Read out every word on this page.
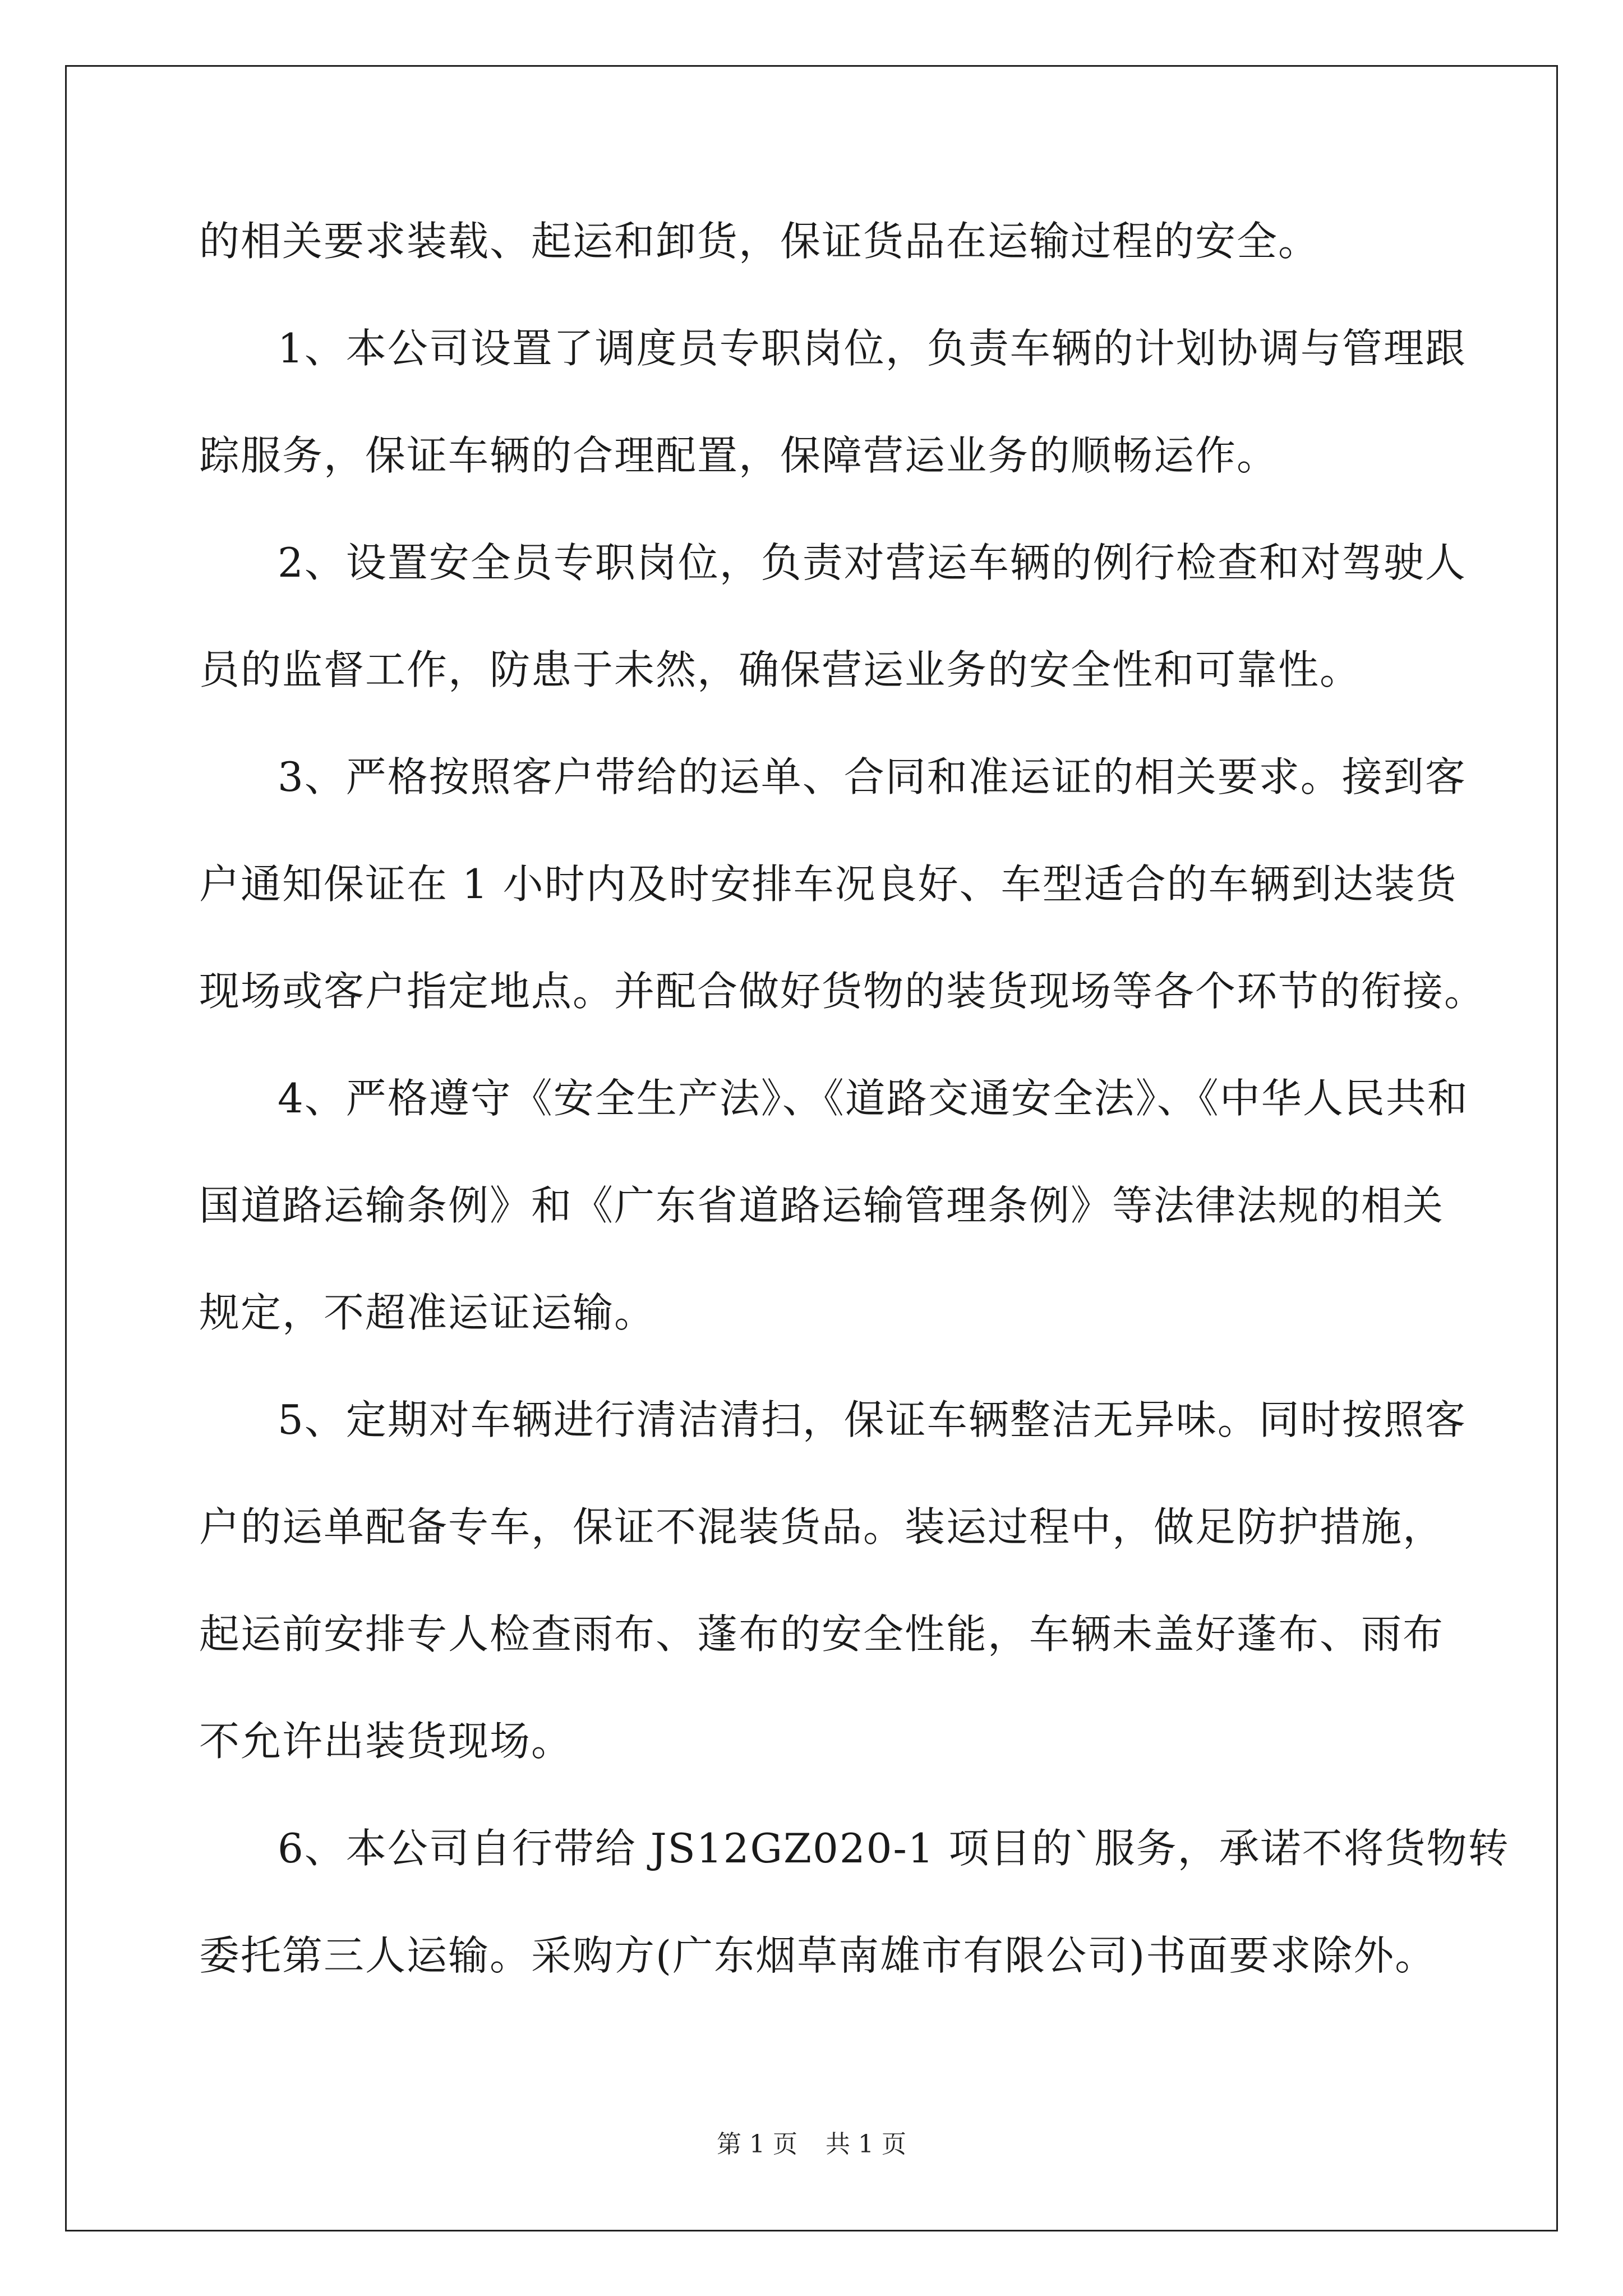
的相关要求装载、起运和卸货，保证货品在运输过程的安全。
1、本公司设置了调度员专职岗位，负责车辆的计划协调与管理跟
踪服务，保证车辆的合理配置，保障营运业务的顺畅运作。
2、设置安全员专职岗位，负责对营运车辆的例行检查和对驾驶人
员的监督工作，防患于未然，确保营运业务的安全性和可靠性。
3、严格按照客户带给的运单、合同和准运证的相关要求。接到客
户通知保证在 1 小时内及时安排车况良好、车型适合的车辆到达装货
现场或客户指定地点。并配合做好货物的装货现场等各个环节的衔接。
4、严格遵守《安全生产法》、《道路交通安全法》、《中华人民共和
国道路运输条例》和《广东省道路运输管理条例》等法律法规的相关
规定，不超准运证运输。
5、定期对车辆进行清洁清扫，保证车辆整洁无异味。同时按照客
户的运单配备专车，保证不混装货品。装运过程中，做足防护措施，
起运前安排专人检查雨布、蓬布的安全性能，车辆未盖好蓬布、雨布
不允许出装货现场。
6、本公司自行带给 JS12GZ020-1 项目的`服务，承诺不将货物转
委托第三人运输。采购方(广东烟草南雄市有限公司)书面要求除外。
第 1 页 共 1 页
